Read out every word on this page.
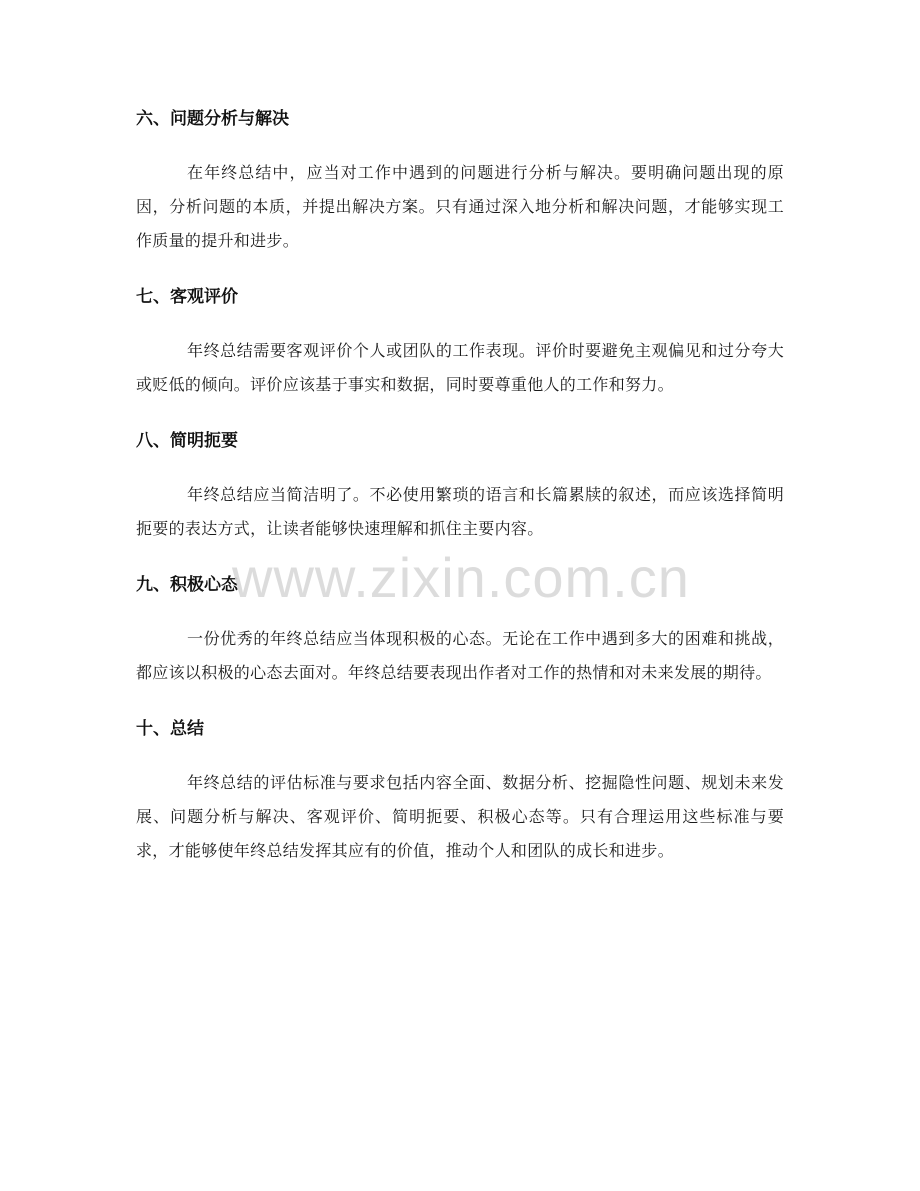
六、问题分析与解决

在年终总结中，应当对工作中遇到的问题进行分析与解决。要明确问题出现的原因，分析问题的本质，并提出解决方案。只有通过深入地分析和解决问题，才能够实现工作质量的提升和进步。

七、客观评价

年终总结需要客观评价个人或团队的工作表现。评价时要避免主观偏见和过分夸大或贬低的倾向。评价应该基于事实和数据，同时要尊重他人的工作和努力。

八、简明扼要

年终总结应当简洁明了。不必使用繁琐的语言和长篇累牍的叙述，而应该选择简明扼要的表达方式，让读者能够快速理解和抓住主要内容。

九、积极心态

一份优秀的年终总结应当体现积极的心态。无论在工作中遇到多大的困难和挑战，都应该以积极的心态去面对。年终总结要表现出作者对工作的热情和对未来发展的期待。

十、总结

年终总结的评估标准与要求包括内容全面、数据分析、挖掘隐性问题、规划未来发展、问题分析与解决、客观评价、简明扼要、积极心态等。只有合理运用这些标准与要求，才能够使年终总结发挥其应有的价值，推动个人和团队的成长和进步。

www.zixin.com.cn
